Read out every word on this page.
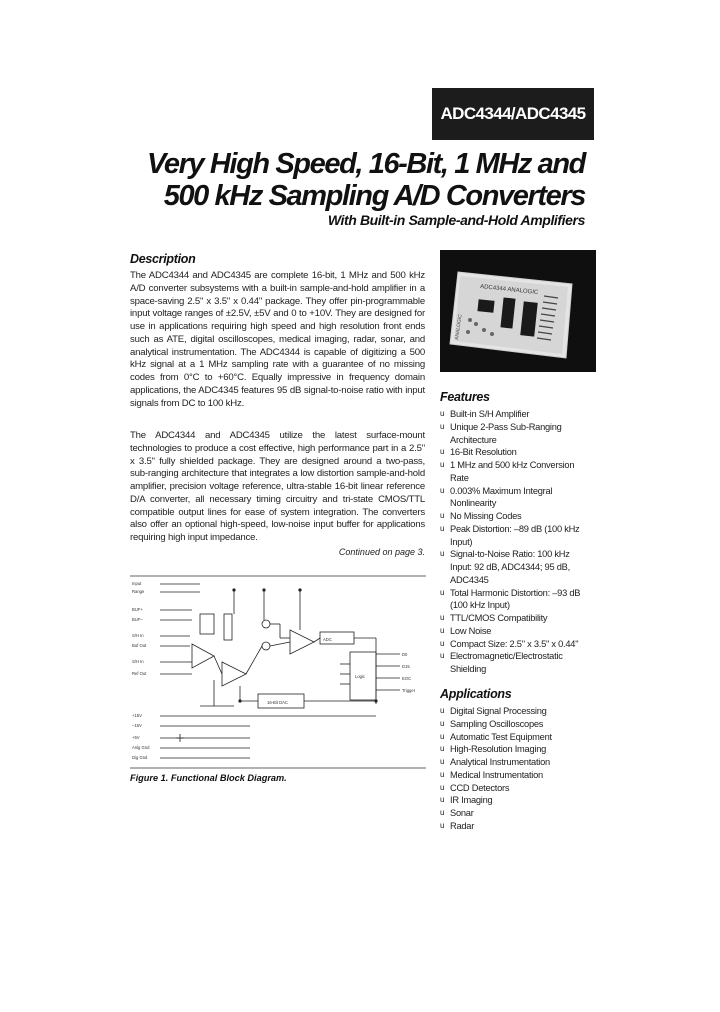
ADC4344/ADC4345
Very High Speed, 16-Bit, 1 MHz and
500 kHz Sampling A/D Converters
With Built-in Sample-and-Hold Amplifiers
Description
The ADC4344 and ADC4345 are complete 16-bit, 1 MHz and 500 kHz A/D converter subsystems with a built-in sample-and-hold amplifier in a space-saving 2.5" x 3.5" x 0.44" package. They offer pin-programmable input voltage ranges of ±2.5V, ±5V and 0 to +10V. They are designed for use in applications requiring high speed and high resolution front ends such as ATE, digital oscilloscopes, medical imaging, radar, sonar, and analytical instrumentation. The ADC4344 is capable of digitizing a 500 kHz signal at a 1 MHz sampling rate with a guarantee of no missing codes from 0°C to +60°C. Equally impressive in frequency domain applications, the ADC4345 features 95 dB signal-to-noise ratio with input signals from DC to 100 kHz.
The ADC4344 and ADC4345 utilize the latest surface-mount technologies to produce a cost effective, high performance part in a 2.5" x 3.5" fully shielded package. They are designed around a two-pass, sub-ranging architecture that integrates a low distortion sample-and-hold amplifier, precision voltage reference, ultra-stable 16-bit linear reference D/A converter, all necessary timing circuitry and tri-state CMOS/TTL compatible output lines for ease of system integration. The converters also offer an optional high-speed, low-noise input buffer for applications requiring high input impedance.
Continued on page 3.
ADC4344 ANALOGIC
ANALOGIC
Features
u Built-in S/H Amplifier
u Unique 2-Pass Sub-Ranging Architecture
u 16-Bit Resolution
u 1 MHz and 500 kHz Conversion Rate
u 0.003% Maximum Integral Nonlinearity
u No Missing Codes
u Peak Distortion: –89 dB (100 kHz Input)
u Signal-to-Noise Ratio: 100 kHz Input: 92 dB, ADC4344; 95 dB, ADC4345
u Total Harmonic Distortion: –93 dB (100 kHz Input)
u TTL/CMOS Compatibility
u Low Noise
u Compact Size: 2.5" x 3.5" x 0.44"
u Electromagnetic/Electrostatic Shielding
Applications
u Digital Signal Processing
u Sampling Oscilloscopes
u Automatic Test Equipment
u High-Resolution Imaging
u Analytical Instrumentation
u Medical Instrumentation
u CCD Detectors
u IR Imaging
u Sonar
u Radar
Input
Range
BUF+
BUF–
S/H In
Buf Out
S/H In
Ref Out
+15V
–15V
+5V
Anlg Gnd
Dig Gnd
ADC
16-Bit DAC
Logic
D0
D15
EOC
Trigger
Figure 1. Functional Block Diagram.
